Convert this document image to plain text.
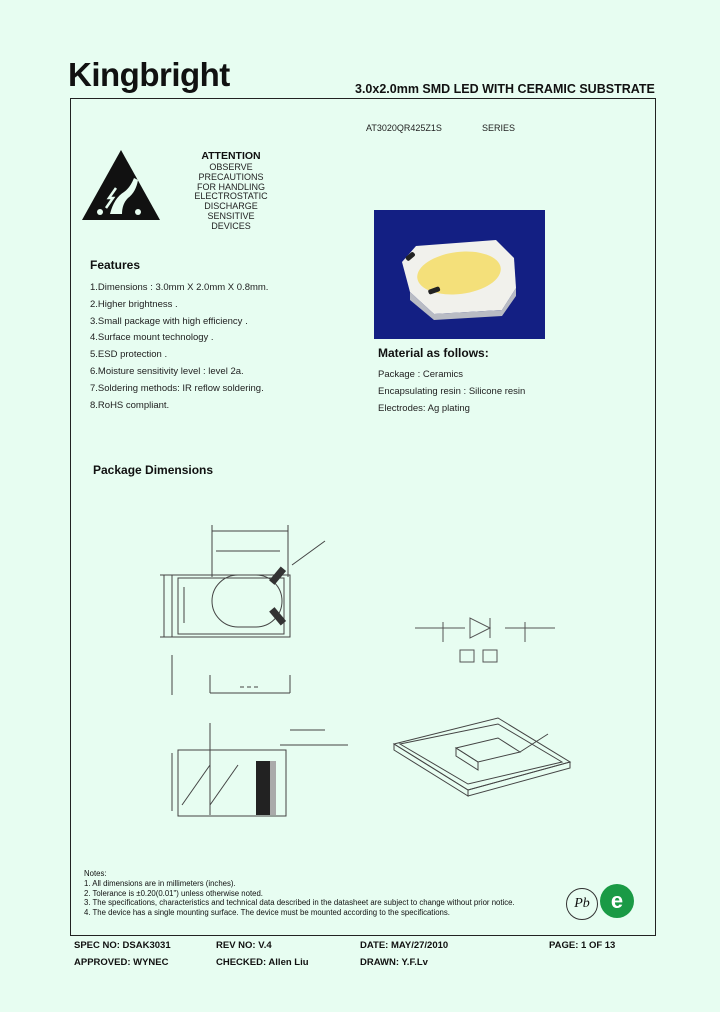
Kingbright	3.0x2.0mm SMD LED WITH CERAMIC SUBSTRATE
AT3020QR425Z1S	SERIES
ATTENTION
OBSERVE PRECAUTIONS
FOR HANDLING
ELECTROSTATIC
DISCHARGE
SENSITIVE
DEVICES
Features
1.Dimensions : 3.0mm X 2.0mm X 0.8mm.
2.Higher brightness .
3.Small package with high efficiency .
4.Surface mount technology .
5.ESD protection .
6.Moisture sensitivity level : level 2a.
7.Soldering methods: IR reflow soldering.
8.RoHS compliant.
Material as follows:
Package : Ceramics
Encapsulating resin : Silicone resin
Electrodes: Ag plating
Package Dimensions
Notes:
1. All dimensions are in millimeters (inches).
2. Tolerance is ±0.20(0.01") unless otherwise noted.
3. The specifications, characteristics and technical data described in the datasheet are subject to change without prior notice.
4. The device has a single mounting surface. The device must be mounted according to the specifications.
Pb e
SPEC NO: DSAK3031	REV NO: V.4	DATE: MAY/27/2010	PAGE: 1 OF 13
APPROVED: WYNEC	CHECKED: Allen Liu	DRAWN: Y.F.Lv
